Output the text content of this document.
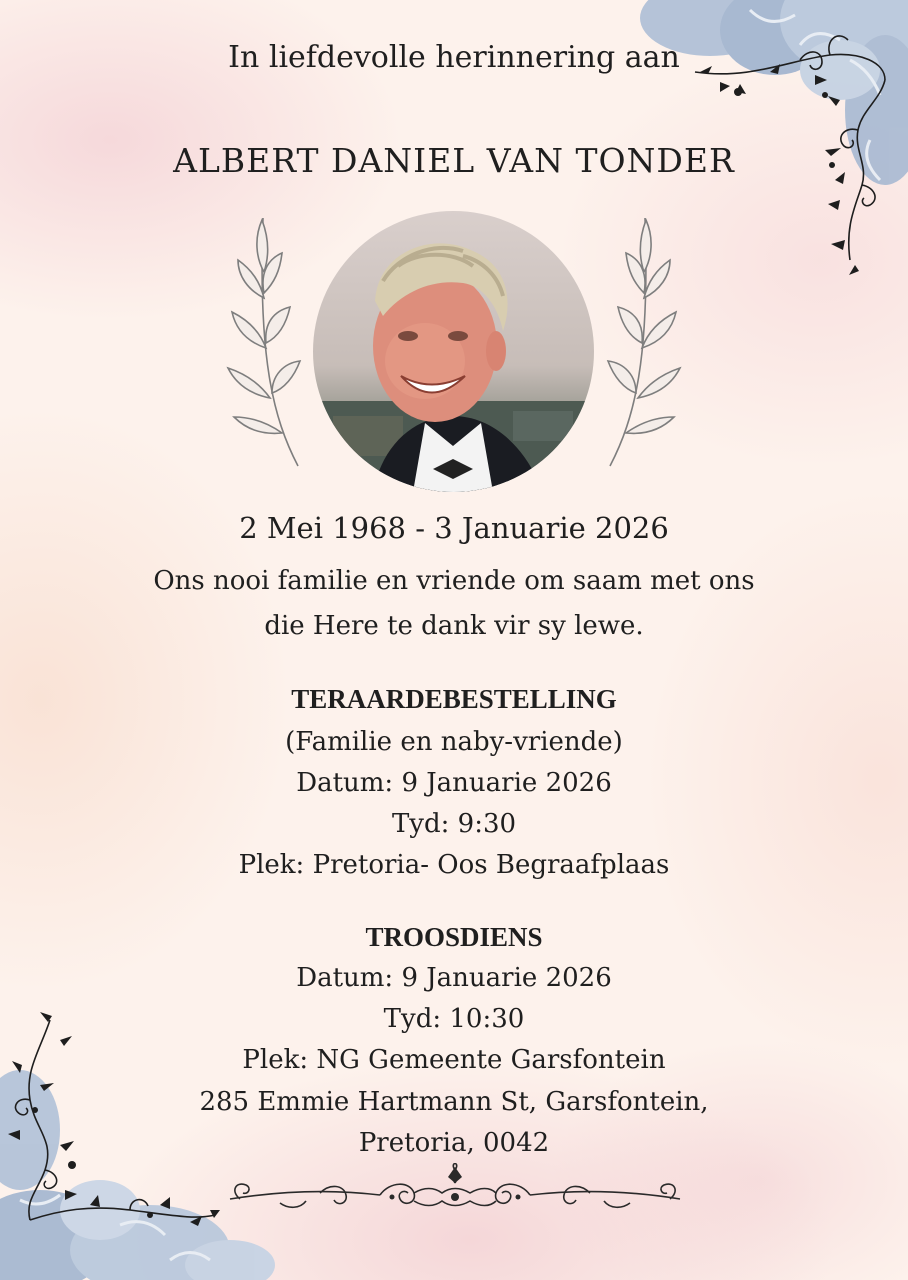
In liefdevolle herinnering aan
ALBERT DANIEL VAN TONDER
2 Mei 1968 - 3 Januarie 2026
Ons nooi familie en vriende om saam met ons
die Here te dank vir sy lewe.
TERAARDEBESTELLING
(Familie en naby-vriende)
Datum: 9 Januarie 2026
Tyd: 9:30
Plek: Pretoria- Oos Begraafplaas
TROOSDIENS
Datum: 9 Januarie 2026
Tyd: 10:30
Plek: NG Gemeente Garsfontein
285 Emmie Hartmann St, Garsfontein,
Pretoria, 0042
